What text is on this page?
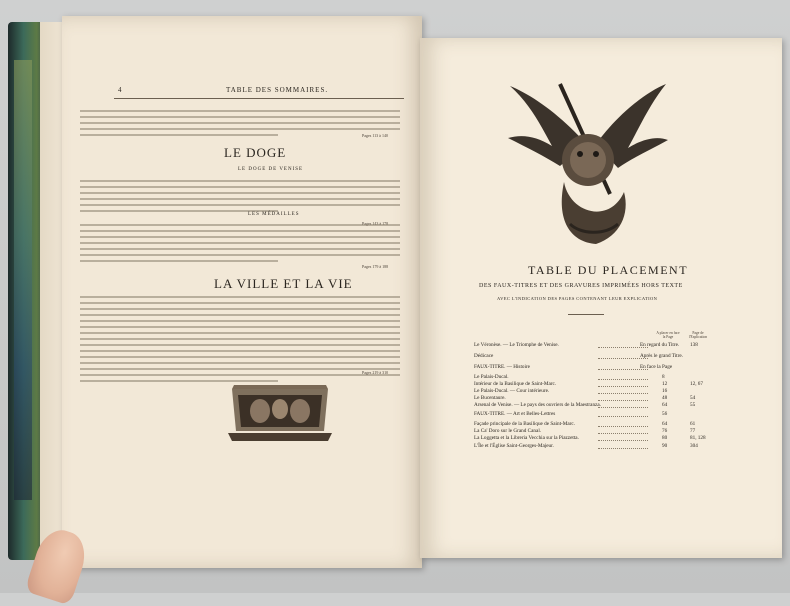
4	TABLE DES SOMMAIRES.
Pages 113 à 140
LE DOGE
LE DOGE DE VENISE
LES MÉDAILLES
Pages 179 à 188
LA VILLE ET LA VIE
Pages 219 à 310
TABLE DU PLACEMENT
DES FAUX-TITRES ET DES GRAVURES IMPRIMÉES HORS TEXTE
AVEC L'INDICATION DES PAGES CONTENANT LEUR EXPLICATION
A placer en face la Page
Page de l'Explication
Le Véronèse. — Le Triomphe de Venise.	En regard du Titre. 138
Dédicace	Après le grand Titre.
FAUX-TITRE. — Histoire	En face la Page
Le Palais-Ducal.	8
Intérieur de la Basilique de Saint-Marc.	12	12, 67
Le Palais-Ducal. — Cour intérieure.	16
Le Bucentaure.	48	54
Arsenal de Venise. — Le pays des ouvriers de la Maestranza.	64	55
FAUX-TITRE. — Art et Belles-Lettres	56
Façade principale de la Basilique de Saint-Marc.	64	61
La Ca' Doro sur le Grand Canal.	76	77
La Loggetta et la Libreria Vecchia sur la Piazzetta.	80	81, 128
L'Île et l'Église Saint-Georges-Majeur.	90	304
